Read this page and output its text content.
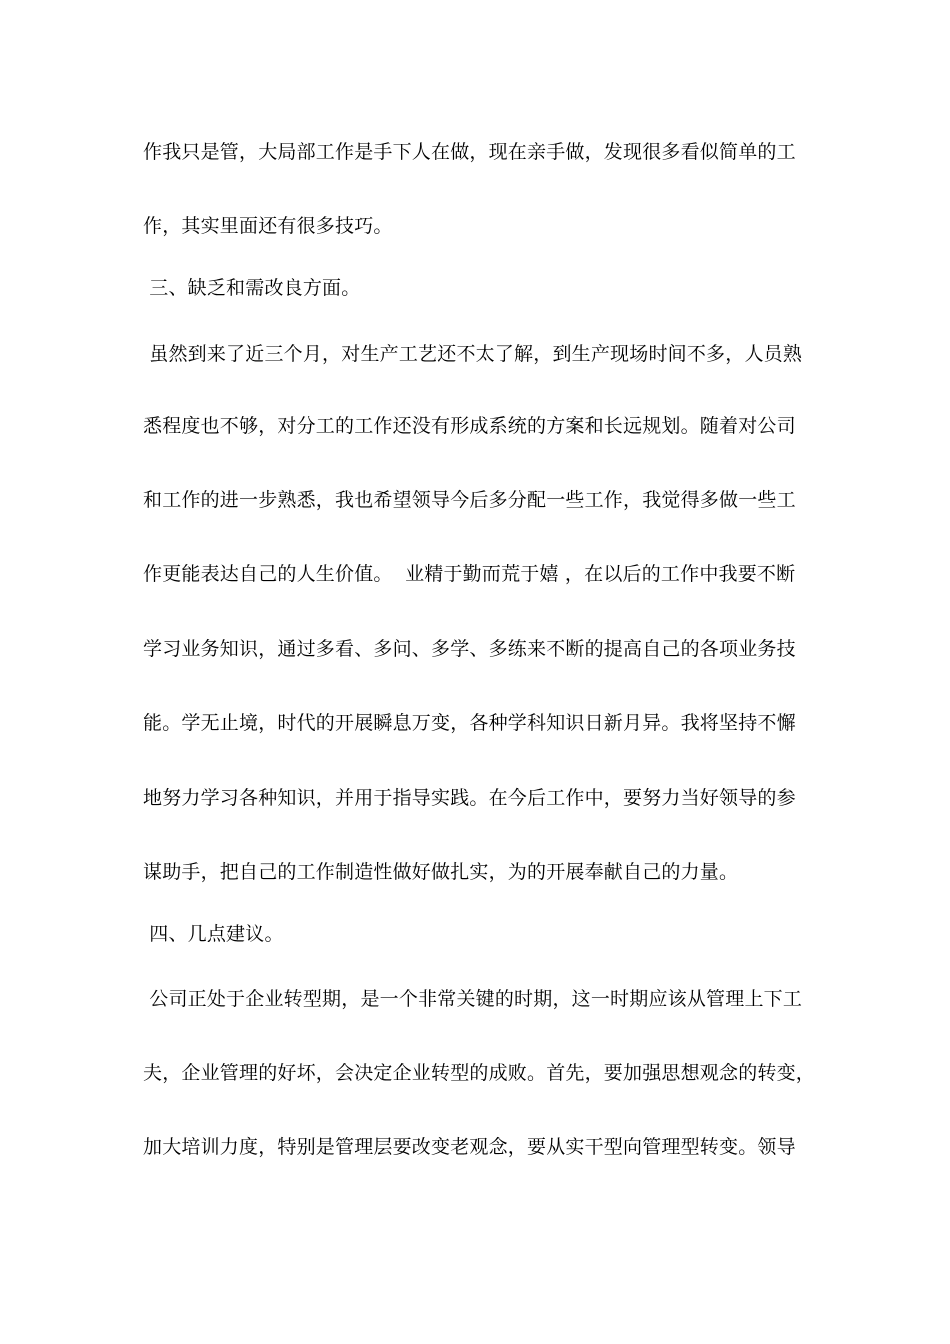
作我只是管，大局部工作是手下人在做，现在亲手做，发现很多看似简单的工
作，其实里面还有很多技巧。
三、缺乏和需改良方面。
虽然到来了近三个月，对生产工艺还不太了解，到生产现场时间不多，人员熟
悉程度也不够，对分工的工作还没有形成系统的方案和长远规划。随着对公司
和工作的进一步熟悉，我也希望领导今后多分配一些工作，我觉得多做一些工
作更能表达自己的人生价值。  业精于勤而荒于嬉 ，在以后的工作中我要不断
学习业务知识，通过多看、多问、多学、多练来不断的提高自己的各项业务技
能。学无止境，时代的开展瞬息万变，各种学科知识日新月异。我将坚持不懈
地努力学习各种知识，并用于指导实践。在今后工作中，要努力当好领导的参
谋助手，把自己的工作制造性做好做扎实，为的开展奉献自己的力量。
四、几点建议。
公司正处于企业转型期，是一个非常关键的时期，这一时期应该从管理上下工
夫，企业管理的好坏，会决定企业转型的成败。首先，要加强思想观念的转变，
加大培训力度，特别是管理层要改变老观念，要从实干型向管理型转变。领导
